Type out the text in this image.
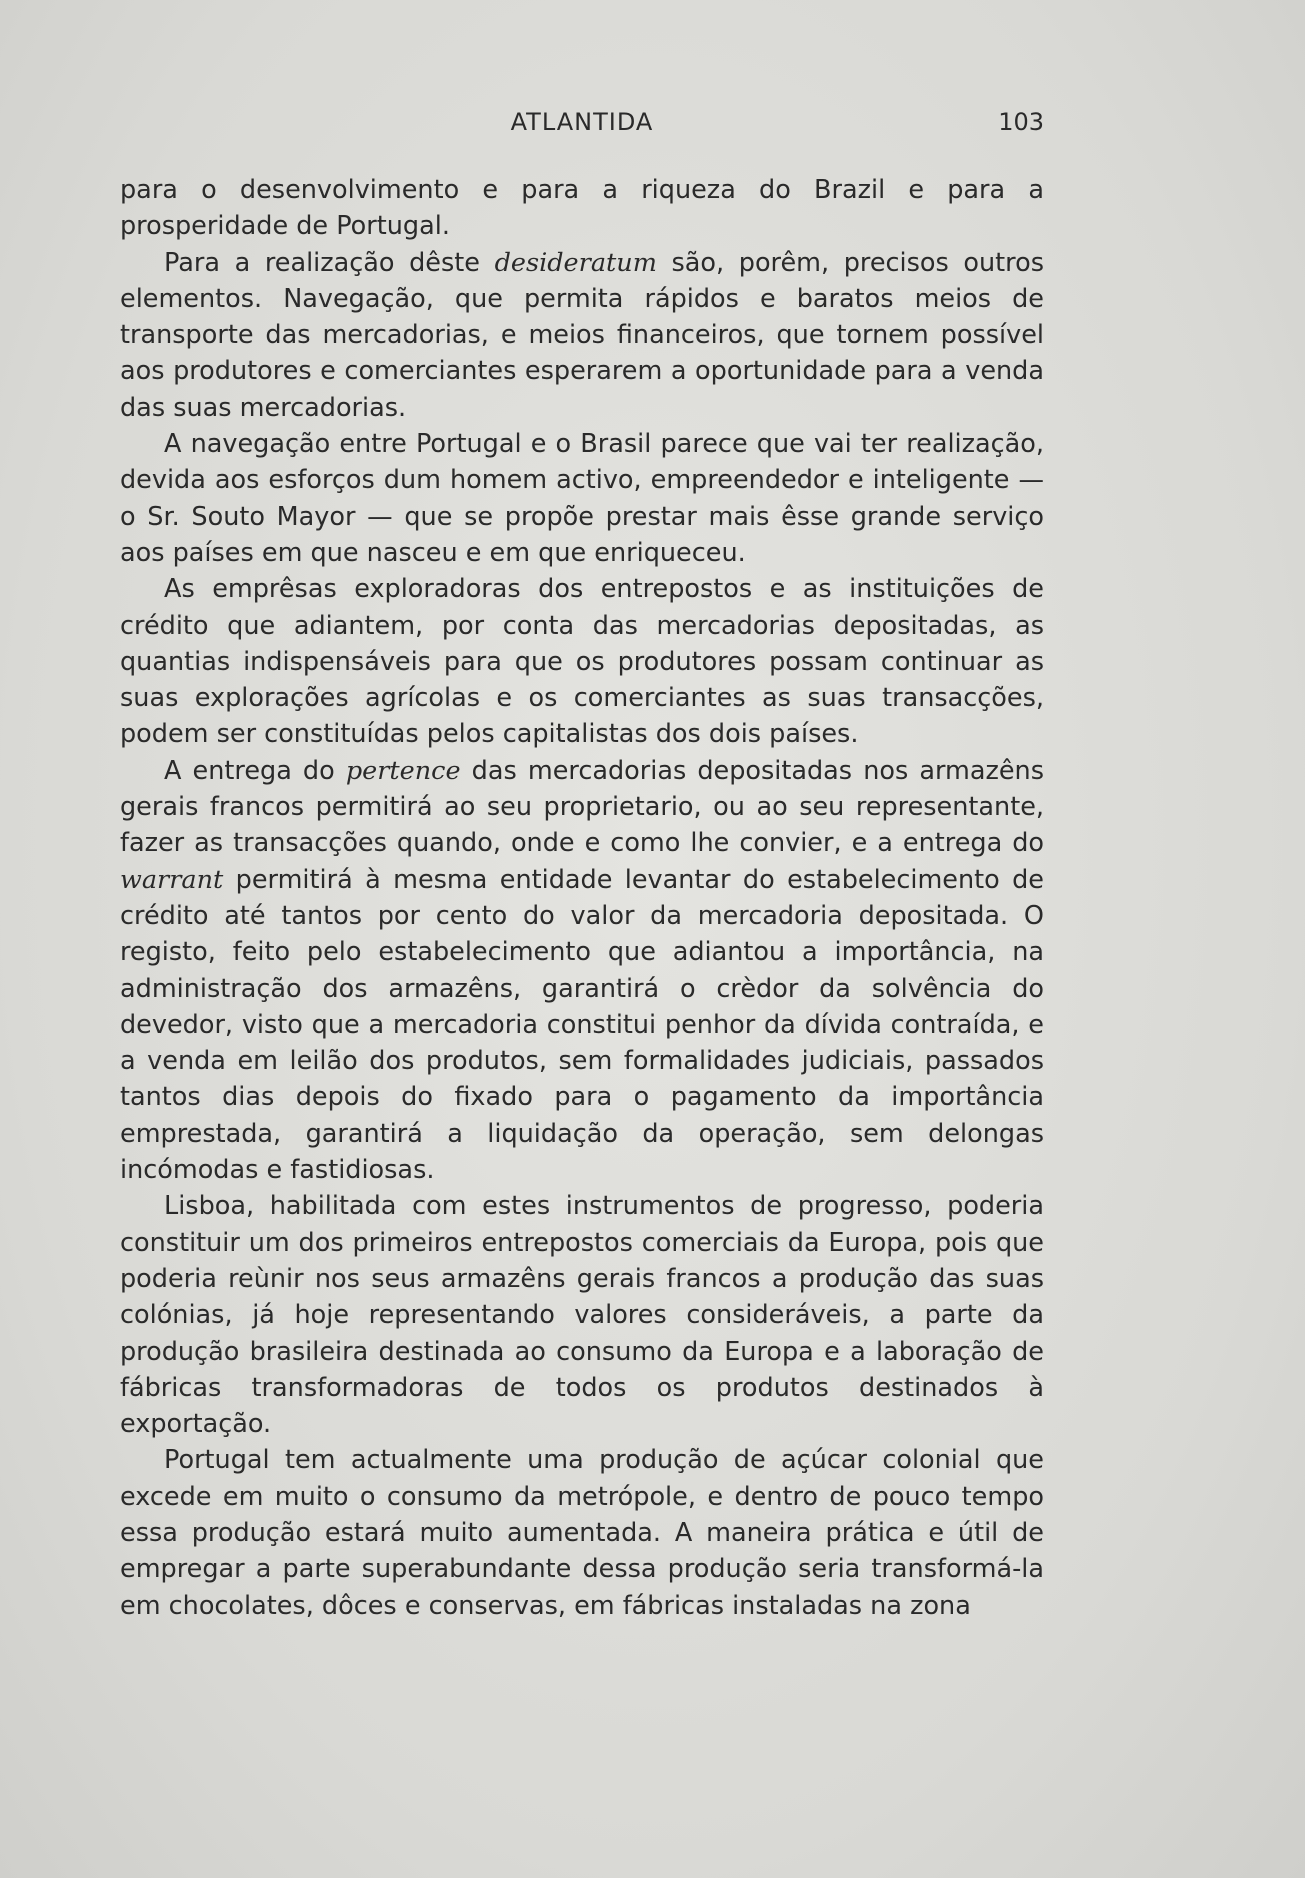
ATLANTIDA	103

para o desenvolvimento e para a riqueza do Brazil e para a prosperidade de Portugal.

Para a realização dêste desideratum são, porêm, precisos outros elementos. Navegação, que permita rápidos e baratos meios de transporte das mercadorias, e meios financeiros, que tornem possível aos produtores e comerciantes esperarem a oportunidade para a venda das suas mercadorias.

A navegação entre Portugal e o Brasil parece que vai ter realização, devida aos esforços dum homem activo, empreendedor e inteligente — o Sr. Souto Mayor — que se propõe prestar mais êsse grande serviço aos países em que nasceu e em que enriqueceu.

As emprêsas exploradoras dos entrepostos e as instituições de crédito que adiantem, por conta das mercadorias depositadas, as quantias indispensáveis para que os produtores possam continuar as suas explorações agrícolas e os comerciantes as suas transacções, podem ser constituídas pelos capitalistas dos dois países.

A entrega do pertence das mercadorias depositadas nos armazêns gerais francos permitirá ao seu proprietario, ou ao seu representante, fazer as transacções quando, onde e como lhe convier, e a entrega do warrant permitirá à mesma entidade levantar do estabelecimento de crédito até tantos por cento do valor da mercadoria depositada. O registo, feito pelo estabelecimento que adiantou a importância, na administração dos armazêns, garantirá o crèdor da solvência do devedor, visto que a mercadoria constitui penhor da dívida contraída, e a venda em leilão dos produtos, sem formalidades judiciais, passados tantos dias depois do fixado para o pagamento da importância emprestada, garantirá a liquidação da operação, sem delongas incómodas e fastidiosas.

Lisboa, habilitada com estes instrumentos de progresso, poderia constituir um dos primeiros entrepostos comerciais da Europa, pois que poderia reùnir nos seus armazêns gerais francos a produção das suas colónias, já hoje representando valores consideráveis, a parte da produção brasileira destinada ao consumo da Europa e a laboração de fábricas transformadoras de todos os produtos destinados à exportação.

Portugal tem actualmente uma produção de açúcar colonial que excede em muito o consumo da metrópole, e dentro de pouco tempo essa produção estará muito aumentada. A maneira prática e útil de empregar a parte superabundante dessa produção seria transformá-la em chocolates, dôces e conservas, em fábricas instaladas na zona
